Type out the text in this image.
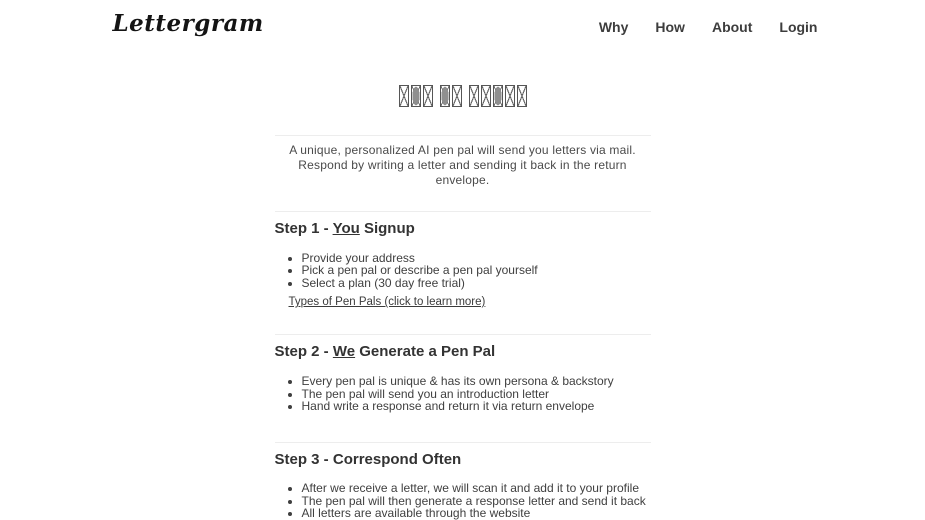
Lettergram	Why How About Login
A unique, personalized AI pen pal will send you letters via mail.
Respond by writing a letter and sending it back in the return
envelope.
Step 1 - You Signup
• Provide your address
• Pick a pen pal or describe a pen pal yourself
• Select a plan (30 day free trial)
Types of Pen Pals (click to learn more)
Step 2 - We Generate a Pen Pal
• Every pen pal is unique & has its own persona & backstory
• The pen pal will send you an introduction letter
• Hand write a response and return it via return envelope
Step 3 - Correspond Often
• After we receive a letter, we will scan it and add it to your profile
• The pen pal will then generate a response letter and send it back
• All letters are available through the website
